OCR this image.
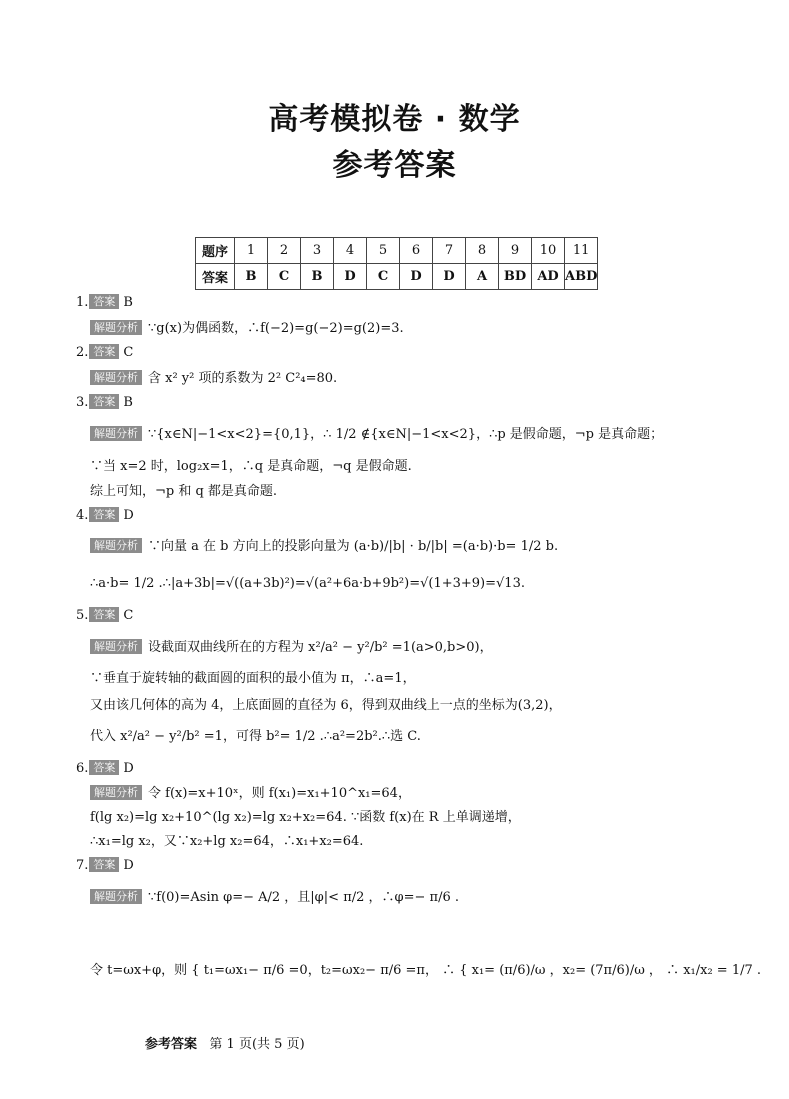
高考模拟卷 · 数学
参考答案
题序	1	2	3	4	5	6	7	8	9	10	11
答案	B	C	B	D	C	D	D	A	BD	AD	ABD
1. 答案 B
解题分析 ∵g(x)为偶函数，∴f(−2)=g(−2)=g(2)=3.
2. 答案 C
解题分析 含 x² y² 项的系数为 2² C²₄=80.
3. 答案 B
解题分析 ∵{x∈N|−1<x<2}={0,1}，∴ 1/2 ∉{x∈N|−1<x<2}，∴p 是假命题，¬p 是真命题；
∵当 x=2 时，log₂x=1，∴q 是真命题，¬q 是假命题.
综上可知，¬p 和 q 都是真命题.
4. 答案 D
解题分析 ∵向量 a 在 b 方向上的投影向量为 (a·b)/|b| · b/|b| =(a·b)·b= 1/2 b.
∴a·b= 1/2 .∴|a+3b|=√((a+3b)²)=√(a²+6a·b+9b²)=√(1+3+9)=√13.
5. 答案 C
解题分析 设截面双曲线所在的方程为 x²/a² − y²/b² =1(a>0,b>0)，
∵垂直于旋转轴的截面圆的面积的最小值为 π，∴a=1，
又由该几何体的高为 4，上底面圆的直径为 6，得到双曲线上一点的坐标为(3,2)，
代入 x²/a² − y²/b² =1，可得 b²= 1/2 .∴a²=2b².∴选 C.
6. 答案 D
解题分析 令 f(x)=x+10ˣ，则 f(x₁)=x₁+10^x₁=64，
f(lg x₂)=lg x₂+10^(lg x₂)=lg x₂+x₂=64. ∵函数 f(x)在 R 上单调递增，
∴x₁=lg x₂，又∵x₂+lg x₂=64，∴x₁+x₂=64.
7. 答案 D
解题分析 ∵f(0)=Asin φ=− A/2 ，且|φ|< π/2 ，∴φ=− π/6 .
令 t=ωx+φ，则 { t₁=ωx₁− π/6 =0，t₂=ωx₂− π/6 =π， ∴ { x₁= (π/6)/ω ，x₂= (7π/6)/ω ， ∴ x₁/x₂ = 1/7 .
参考答案 第 1 页(共 5 页)
